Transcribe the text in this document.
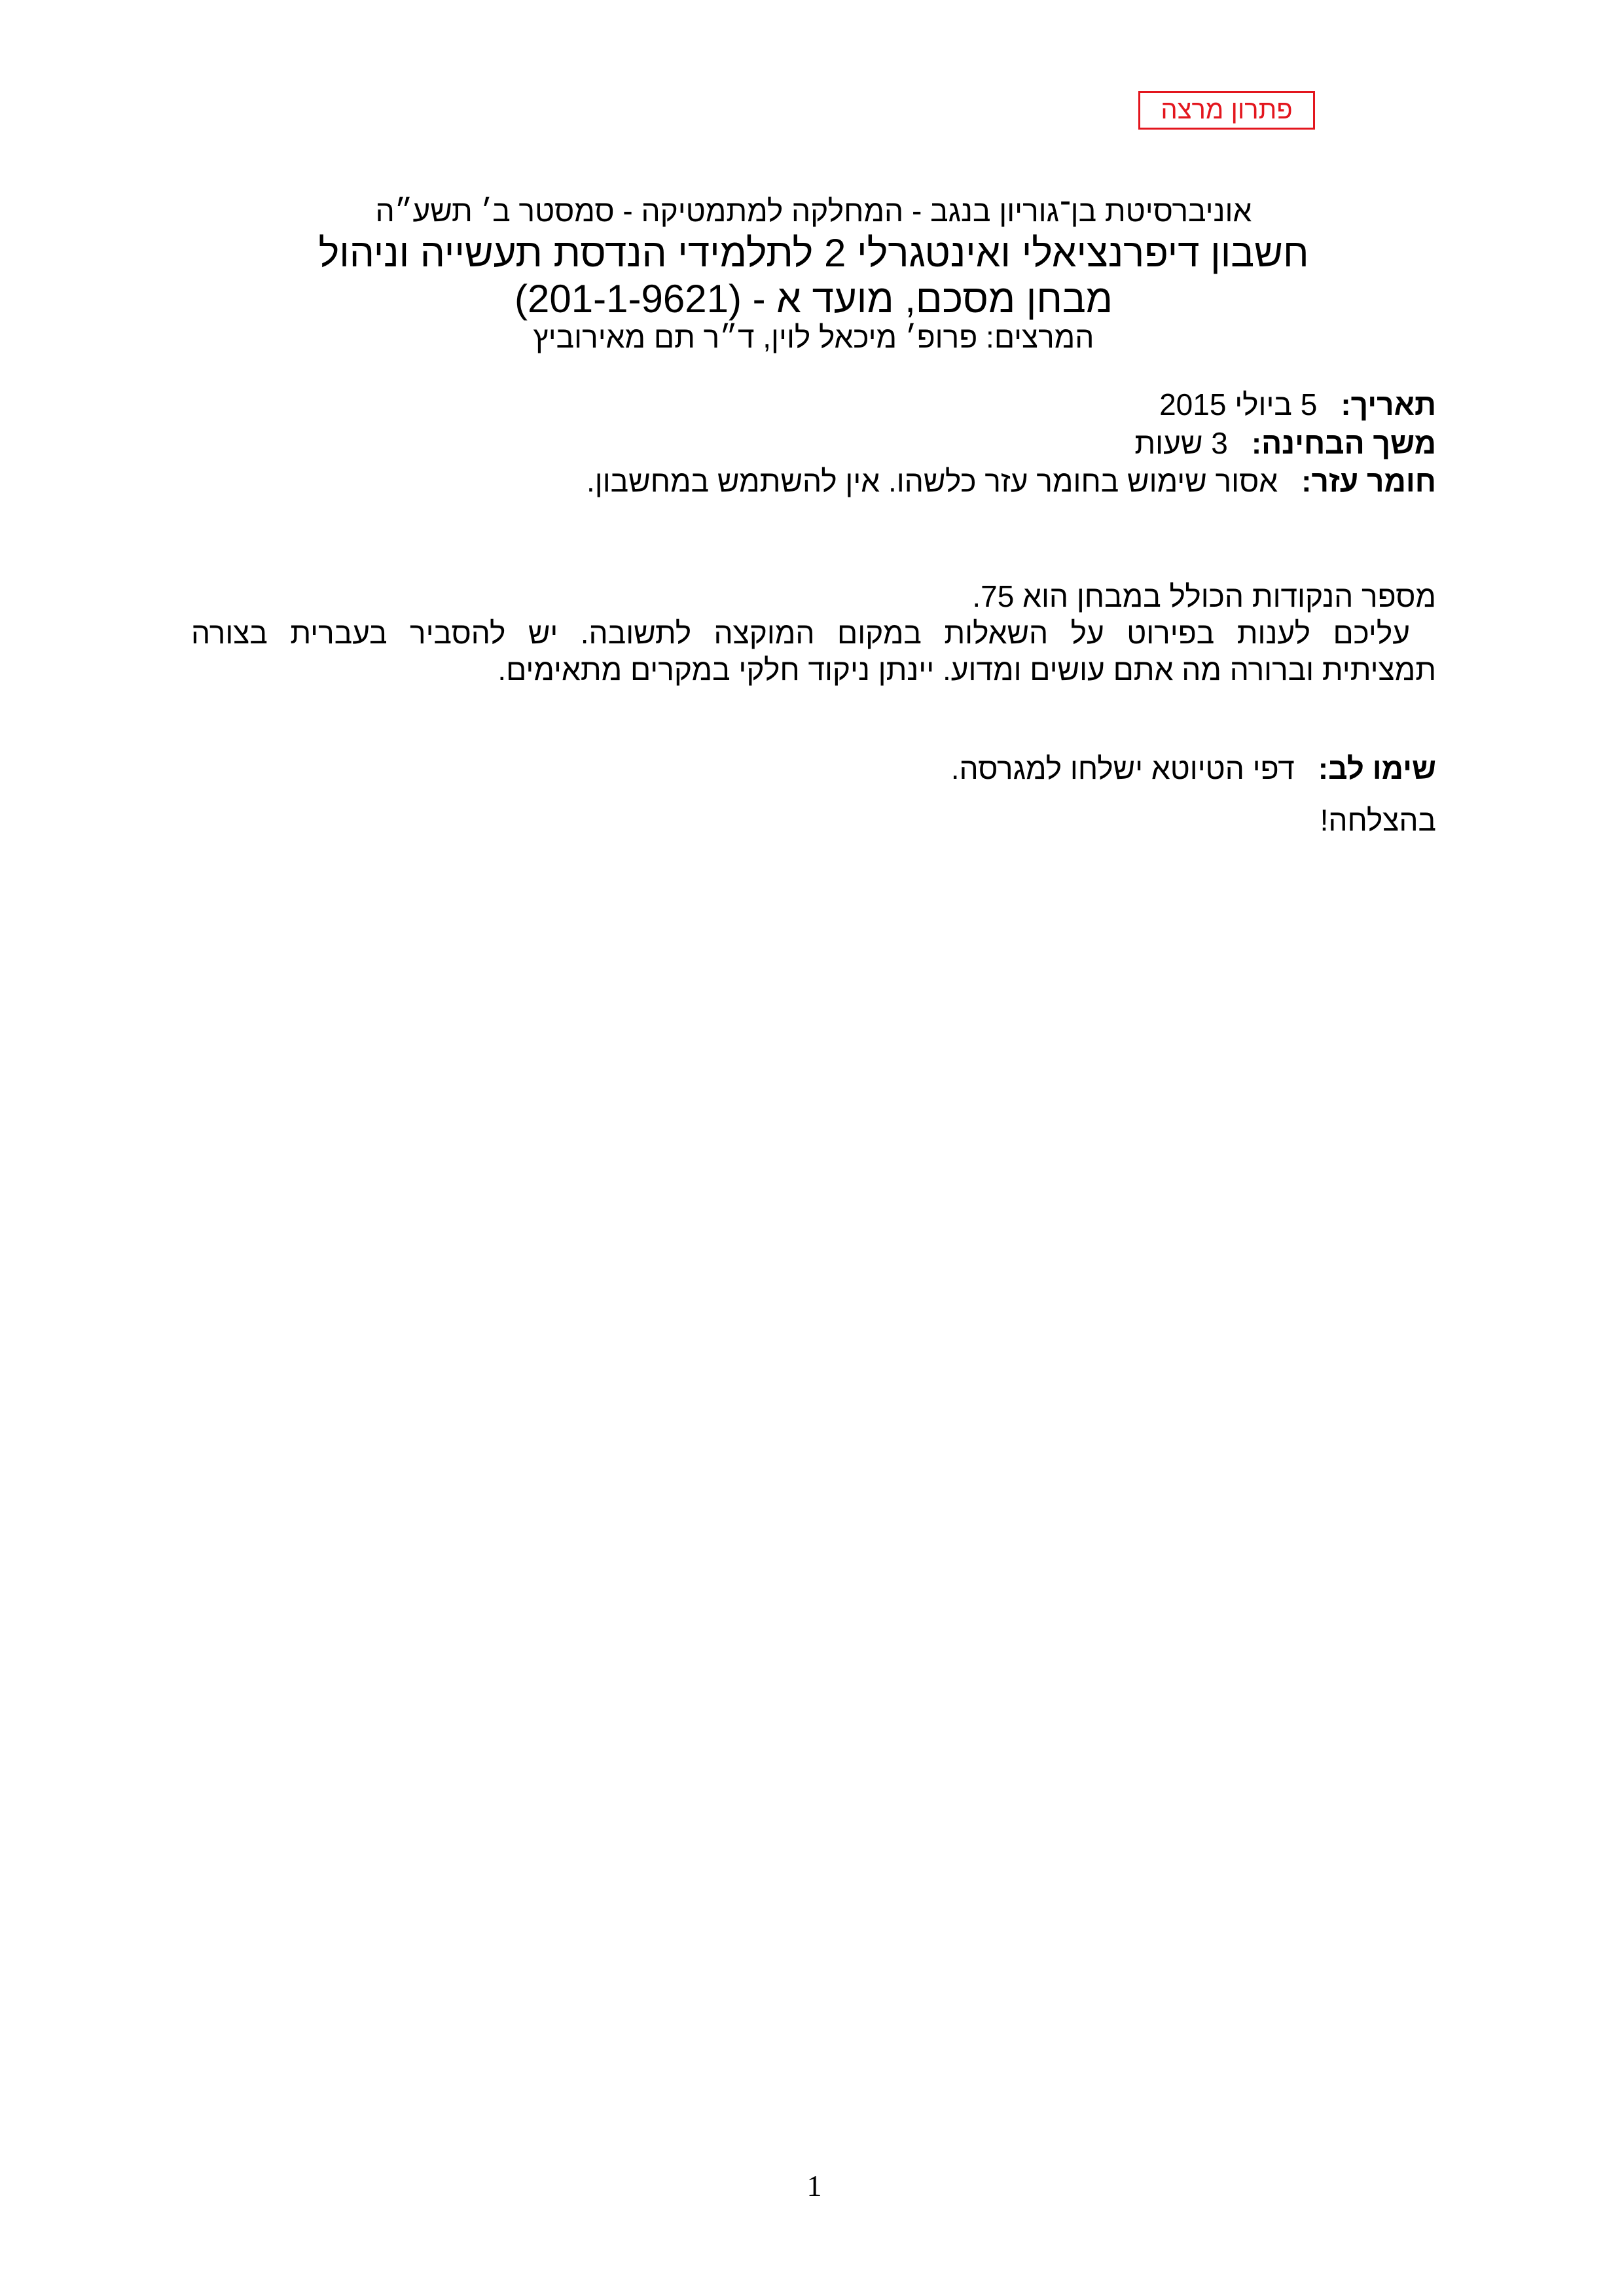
פתרון מרצה
אוניברסיטת בן־גוריון בנגב - המחלקה למתמטיקה - סמסטר ב׳ תשע״ה
חשבון דיפרנציאלי ואינטגרלי 2 לתלמידי הנדסת תעשייה וניהול
(201-1-9621) - מבחן מסכם, מועד א
המרצים: פרופ׳ מיכאל לוין, ד״ר תם מאירוביץ
תאריך:
5 ביולי 2015
משך הבחינה:
3 שעות
חומר עזר:
אסור שימוש בחומר עזר כלשהו. אין להשתמש במחשבון.
מספר הנקודות הכולל במבחן הוא 75.
עליכם לענות בפירוט על השאלות במקום המוקצה לתשובה. יש להסביר בעברית בצורה
תמציתית וברורה מה אתם עושים ומדוע. יינתן ניקוד חלקי במקרים מתאימים.
שימו לב:
דפי הטיוטא ישלחו למגרסה.
בהצלחה!
1
